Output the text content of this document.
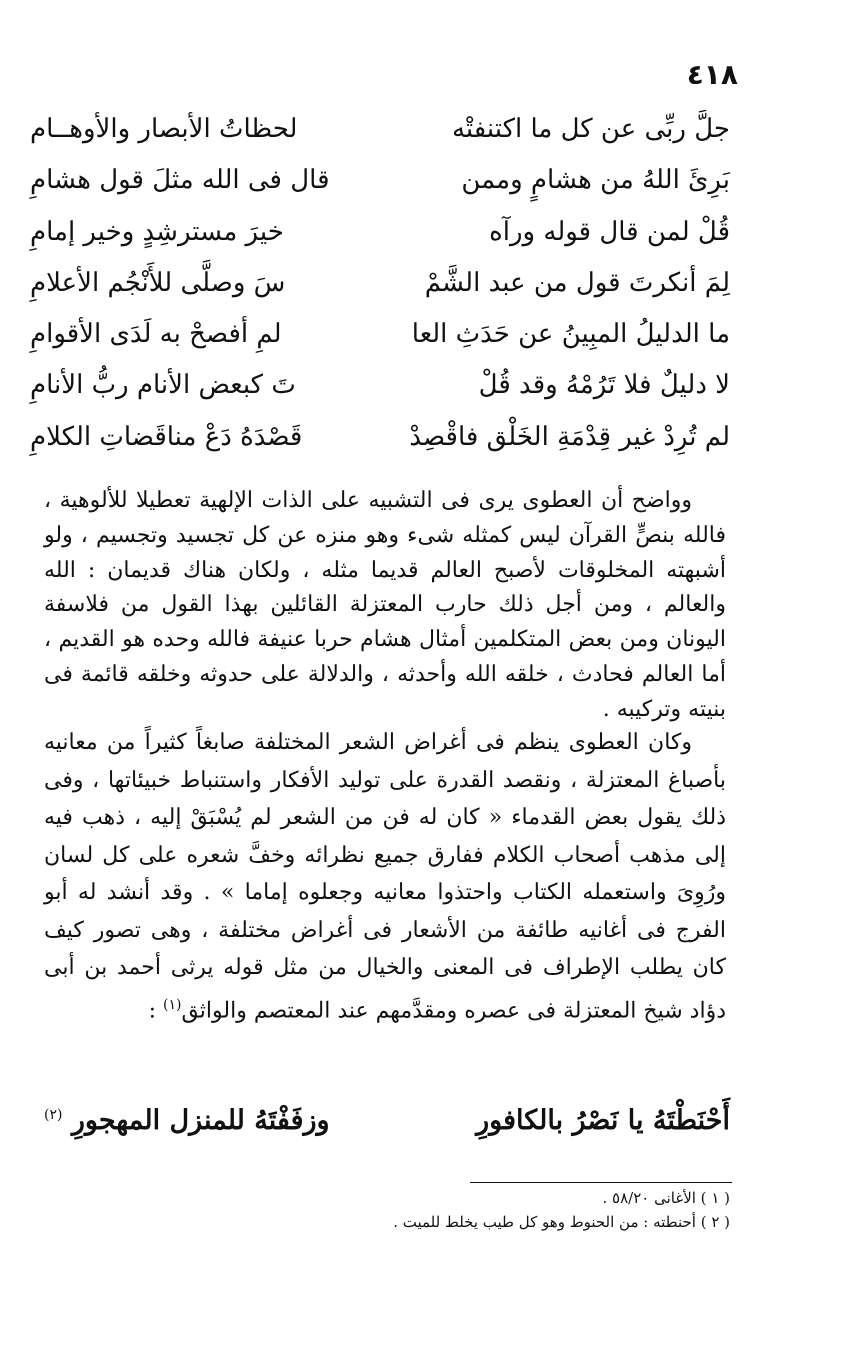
٤١٨
جلَّ ربِّى عن كل ما اكتنفتْه
لحظاتُ الأبصار والأوهــام
بَرِئَ اللهُ من هشامٍ وممن
قال فى الله مثلَ قول هشامِ
قُلْ لمن قال قوله ورآه
خيرَ مسترشِدٍ وخير إمامِ
لِمَ أنكرتَ قول من عبد الشَّمْ
سَ وصلَّى للأَنْجُم الأعلامِ
ما الدليلُ المبِينُ عن حَدَثِ العا
لمِ أفصحْ به لَدَى الأقوامِ
لا دليلٌ فلا تَرُمْهُ وقد قُلْ
تَ كبعض الأنام ربُّ الأنامِ
لم تُرِدْ غير قِدْمَةِ الخَلْق فاقْصِدْ
قَصْدَهُ دَعْ مناقَضاتِ الكلامِ

وواضح أن العطوى يرى فى التشبيه على الذات الإلهية تعطيلا للألوهية ، فالله بنصٍّ القرآن ليس كمثله شىء وهو منزه عن كل تجسيد وتجسيم ، ولو أشبهته المخلوقات لأصبح العالم قديما مثله ، ولكان هناك قديمان : الله والعالم ، ومن أجل ذلك حارب المعتزلة القائلين بهذا القول من فلاسفة اليونان ومن بعض المتكلمين أمثال هشام حربا عنيفة فالله وحده هو القديم ، أما العالم فحادث ، خلقه الله وأحدثه ، والدلالة على حدوثه وخلقه قائمة فى بنيته وتركيبه .

وكان العطوى ينظم فى أغراض الشعر المختلفة صابغاً كثيراً من معانيه بأصباغ المعتزلة ، ونقصد القدرة على توليد الأفكار واستنباط خبيئاتها ، وفى ذلك يقول بعض القدماء « كان له فن من الشعر لم يُسْبَقْ إليه ، ذهب فيه إلى مذهب أصحاب الكلام ففارق جميع نظرائه وخفَّ شعره على كل لسان ورُوِىَ واستعمله الكتاب واحتذوا معانيه وجعلوه إماما » . وقد أنشد له أبو الفرج فى أغانيه طائفة من الأشعار فى أغراض مختلفة ، وهى تصور كيف كان يطلب الإطراف فى المعنى والخيال من مثل قوله يرثى أحمد بن أبى دؤاد شيخ المعتزلة فى عصره ومقدَّمهم عند المعتصم والواثق$^{(١)}$ :

أَحْنَطْتَهُ يا نَصْرُ بالكافورِ
وزفَفْتَهُ للمنزل المهجورِ $^{(٢)}$

( ١ ) الأغانى ٥٨/٢٠ .

( ٢ ) أحنطته : من الحنوط وهو كل طيب يخلط للميت .
